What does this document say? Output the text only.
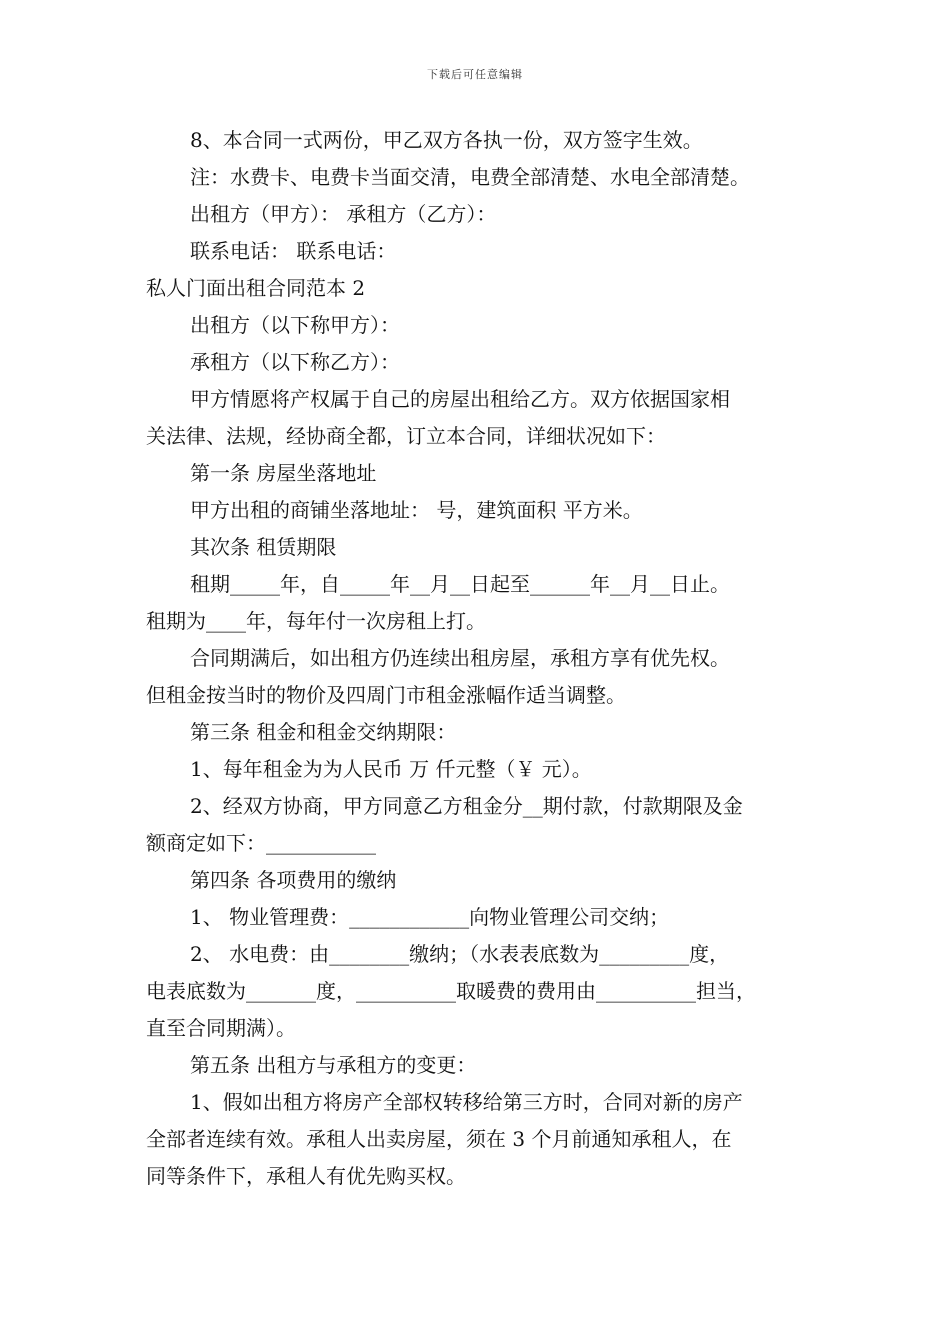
下载后可任意编辑

8、本合同一式两份，甲乙双方各执一份，双方签字生效。

注：水费卡、电费卡当面交清，电费全部清楚、水电全部清楚。

出租方（甲方）： 承租方（乙方）：

联系电话： 联系电话：

私人门面出租合同范本 2

出租方（以下称甲方）：

承租方（以下称乙方）：

甲方情愿将产权属于自己的房屋出租给乙方。双方依据国家相

关法律、法规，经协商全都，订立本合同，详细状况如下：

第一条 房屋坐落地址

甲方出租的商铺坐落地址： 号，建筑面积 平方米。

其次条 租赁期限

租期_____年，自_____年__月__日起至______年__月__日止。

租期为____年，每年付一次房租上打。

合同期满后，如出租方仍连续出租房屋，承租方享有优先权。

但租金按当时的物价及四周门市租金涨幅作适当调整。

第三条 租金和租金交纳期限：

1、每年租金为为人民币 万 仟元整（￥ 元）。

2、经双方协商，甲方同意乙方租金分__期付款，付款期限及金

额商定如下：___________

第四条 各项费用的缴纳

1、 物业管理费：____________向物业管理公司交纳；

2、 水电费：由________缴纳；（水表表底数为_________度，

电表底数为_______度，__________取暖费的费用由__________担当，

直至合同期满）。

第五条 出租方与承租方的变更：

1、假如出租方将房产全部权转移给第三方时，合同对新的房产

全部者连续有效。承租人出卖房屋，须在 3 个月前通知承租人，在

同等条件下，承租人有优先购买权。
